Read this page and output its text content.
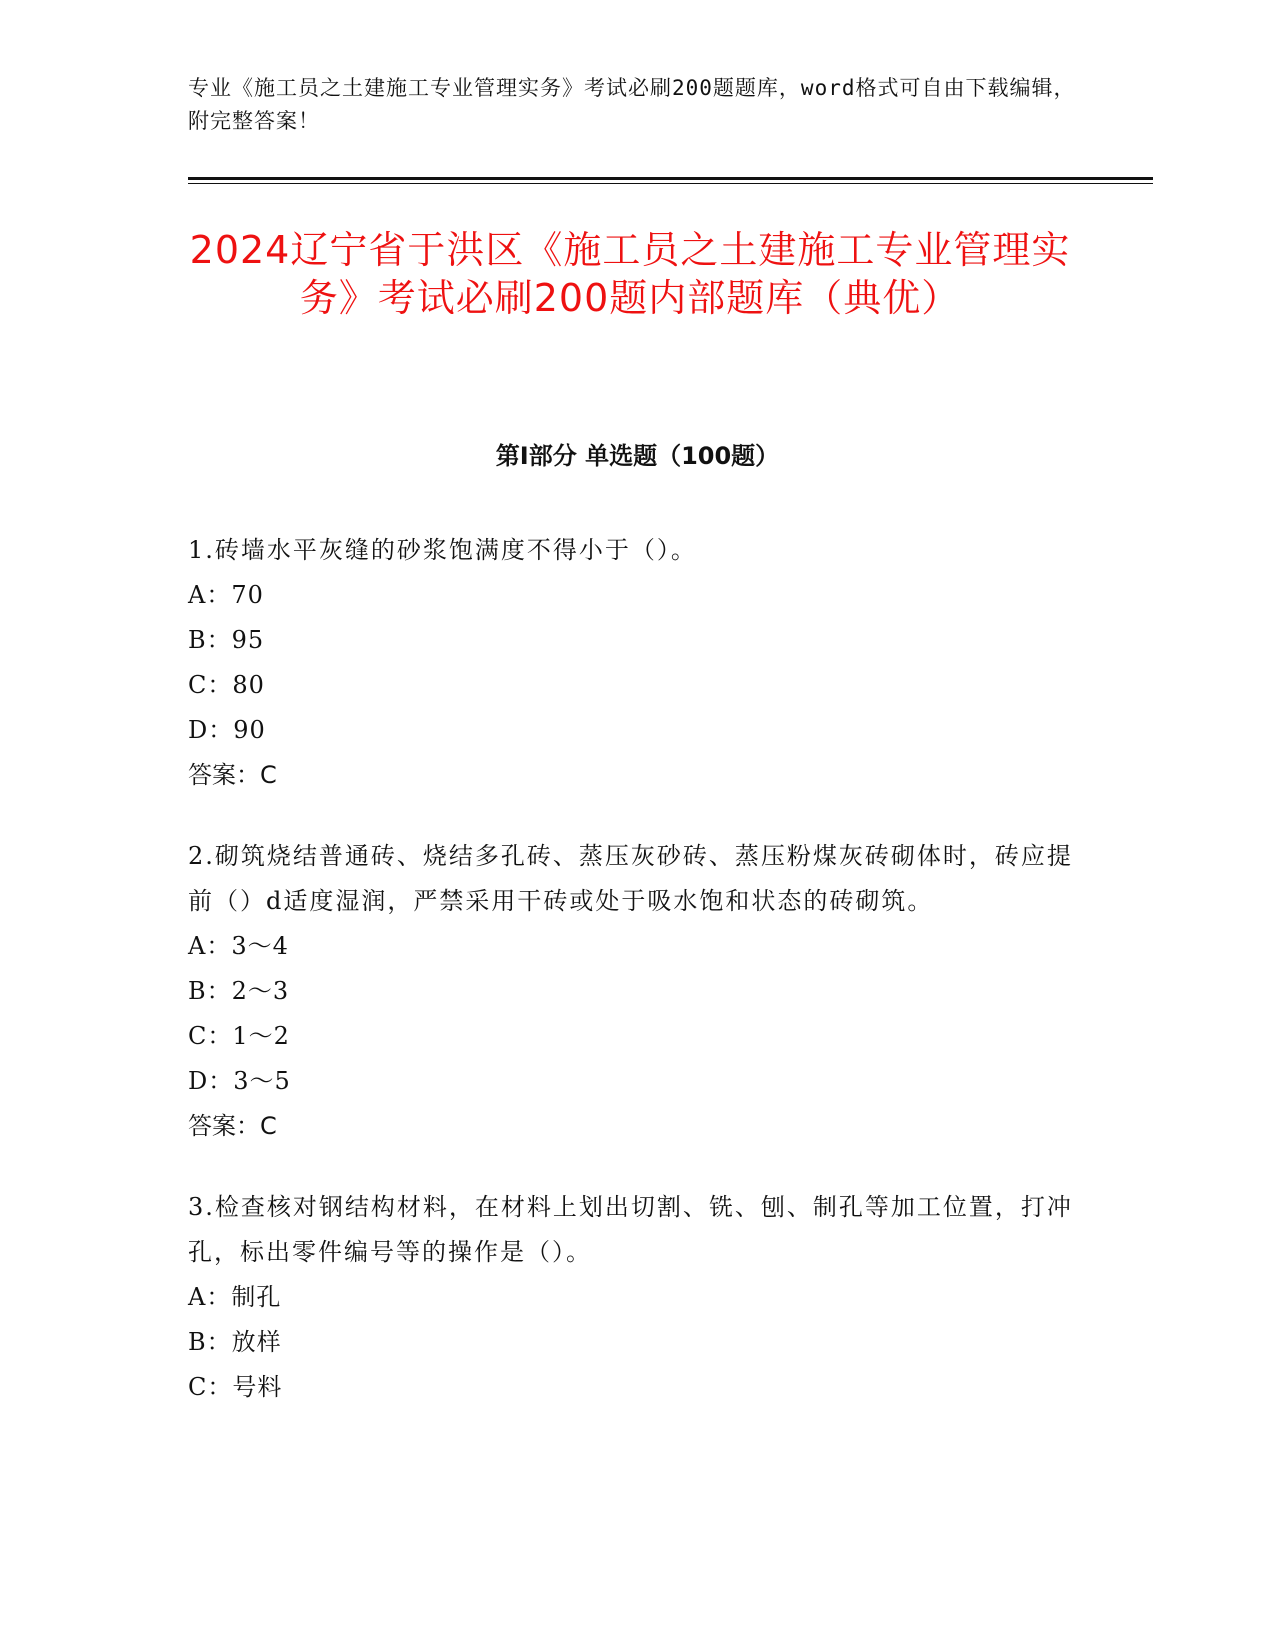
专业《施工员之土建施工专业管理实务》考试必刷200题题库，word格式可自由下载编辑，附完整答案！
2024辽宁省于洪区《施工员之土建施工专业管理实务》考试必刷200题内部题库（典优）
第Ⅰ部分 单选题（100题）
1.砖墙水平灰缝的砂浆饱满度不得小于（）。
A：70
B：95
C：80
D：90
答案：C
2.砌筑烧结普通砖、烧结多孔砖、蒸压灰砂砖、蒸压粉煤灰砖砌体时，砖应提前（）d适度湿润，严禁采用干砖或处于吸水饱和状态的砖砌筑。
A：3～4
B：2～3
C：1～2
D：3～5
答案：C
3.检查核对钢结构材料，在材料上划出切割、铣、刨、制孔等加工位置，打冲孔，标出零件编号等的操作是（）。
A：制孔
B：放样
C：号料
